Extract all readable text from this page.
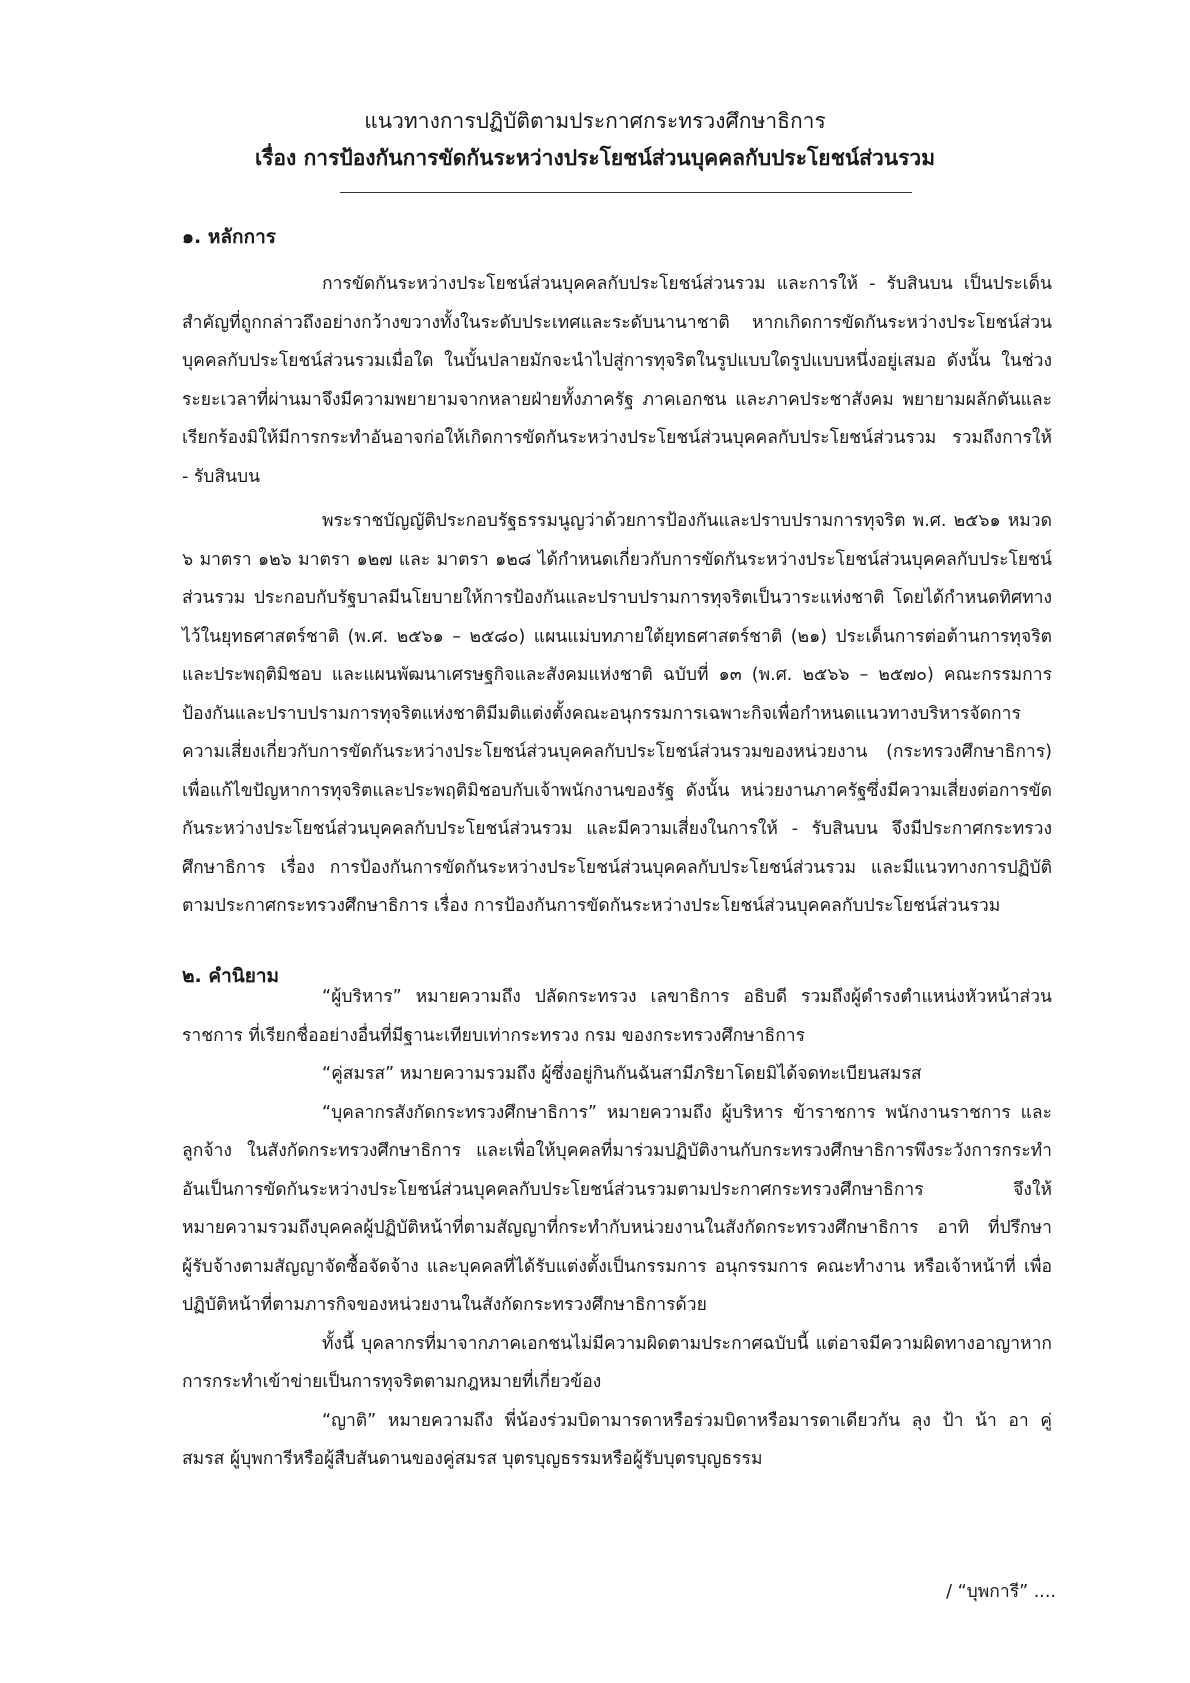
แนวทางการปฏิบัติตามประกาศกระทรวงศึกษาธิการ
เรื่อง การป้องกันการขัดกันระหว่างประโยชน์ส่วนบุคคลกับประโยชน์ส่วนรวม
๑. หลักการ

การขัดกันระหว่างประโยชน์ส่วนบุคคลกับประโยชน์ส่วนรวม และการให้ - รับสินบน เป็นประเด็นสำคัญที่ถูกกล่าวถึงอย่างกว้างขวางทั้งในระดับประเทศและระดับนานาชาติ หากเกิดการขัดกันระหว่างประโยชน์ส่วนบุคคลกับประโยชน์ส่วนรวมเมื่อใด ในบั้นปลายมักจะนำไปสู่การทุจริตในรูปแบบใดรูปแบบหนึ่งอยู่เสมอ ดังนั้น ในช่วงระยะเวลาที่ผ่านมาจึงมีความพยายามจากหลายฝ่ายทั้งภาครัฐ ภาคเอกชน และภาคประชาสังคม พยายามผลักดันและเรียกร้องมิให้มีการกระทำอันอาจก่อให้เกิดการขัดกันระหว่างประโยชน์ส่วนบุคคลกับประโยชน์ส่วนรวม รวมถึงการให้ - รับสินบน

พระราชบัญญัติประกอบรัฐธรรมนูญว่าด้วยการป้องกันและปราบปรามการทุจริต พ.ศ. ๒๕๖๑ หมวด ๖ มาตรา ๑๒๖ มาตรา ๑๒๗ และ มาตรา ๑๒๘ ได้กำหนดเกี่ยวกับการขัดกันระหว่างประโยชน์ส่วนบุคคลกับประโยชน์ส่วนรวม ประกอบกับรัฐบาลมีนโยบายให้การป้องกันและปราบปรามการทุจริตเป็นวาระแห่งชาติ โดยได้กำหนดทิศทางไว้ในยุทธศาสตร์ชาติ (พ.ศ. ๒๕๖๑ – ๒๕๘๐) แผนแม่บทภายใต้ยุทธศาสตร์ชาติ (๒๑) ประเด็นการต่อต้านการทุจริตและประพฤติมิชอบ และแผนพัฒนาเศรษฐกิจและสังคมแห่งชาติ ฉบับที่ ๑๓ (พ.ศ. ๒๕๖๖ – ๒๕๗๐) คณะกรรมการป้องกันและปราบปรามการทุจริตแห่งชาติมีมติแต่งตั้งคณะอนุกรรมการเฉพาะกิจเพื่อกำหนดแนวทางบริหารจัดการความเสี่ยงเกี่ยวกับการขัดกันระหว่างประโยชน์ส่วนบุคคลกับประโยชน์ส่วนรวมของหน่วยงาน (กระทรวงศึกษาธิการ) เพื่อแก้ไขปัญหาการทุจริตและประพฤติมิชอบกับเจ้าพนักงานของรัฐ ดังนั้น หน่วยงานภาครัฐซึ่งมีความเสี่ยงต่อการขัดกันระหว่างประโยชน์ส่วนบุคคลกับประโยชน์ส่วนรวม และมีความเสี่ยงในการให้ - รับสินบน จึงมีประกาศกระทรวงศึกษาธิการ เรื่อง การป้องกันการขัดกันระหว่างประโยชน์ส่วนบุคคลกับประโยชน์ส่วนรวม และมีแนวทางการปฏิบัติตามประกาศกระทรวงศึกษาธิการ เรื่อง การป้องกันการขัดกันระหว่างประโยชน์ส่วนบุคคลกับประโยชน์ส่วนรวม

๒. คำนิยาม

“ผู้บริหาร” หมายความถึง ปลัดกระทรวง เลขาธิการ อธิบดี รวมถึงผู้ดำรงตำแหน่งหัวหน้าส่วนราชการ ที่เรียกชื่ออย่างอื่นที่มีฐานะเทียบเท่ากระทรวง กรม ของกระทรวงศึกษาธิการ

“คู่สมรส” หมายความรวมถึง ผู้ซึ่งอยู่กินกันฉันสามีภริยาโดยมิได้จดทะเบียนสมรส

“บุคลากรสังกัดกระทรวงศึกษาธิการ” หมายความถึง ผู้บริหาร ข้าราชการ พนักงานราชการ และลูกจ้าง ในสังกัดกระทรวงศึกษาธิการ และเพื่อให้บุคคลที่มาร่วมปฏิบัติงานกับกระทรวงศึกษาธิการพึงระวังการกระทำอันเป็นการขัดกันระหว่างประโยชน์ส่วนบุคคลกับประโยชน์ส่วนรวมตามประกาศกระทรวงศึกษาธิการ จึงให้หมายความรวมถึงบุคคลผู้ปฏิบัติหน้าที่ตามสัญญาที่กระทำกับหน่วยงานในสังกัดกระทรวงศึกษาธิการ อาทิ ที่ปรึกษา ผู้รับจ้างตามสัญญาจัดซื้อจัดจ้าง และบุคคลที่ได้รับแต่งตั้งเป็นกรรมการ อนุกรรมการ คณะทำงาน หรือเจ้าหน้าที่ เพื่อปฏิบัติหน้าที่ตามภารกิจของหน่วยงานในสังกัดกระทรวงศึกษาธิการด้วย

ทั้งนี้ บุคลากรที่มาจากภาคเอกชนไม่มีความผิดตามประกาศฉบับนี้ แต่อาจมีความผิดทางอาญาหากการกระทำเข้าข่ายเป็นการทุจริตตามกฎหมายที่เกี่ยวข้อง

“ญาติ” หมายความถึง พี่น้องร่วมบิดามารดาหรือร่วมบิดาหรือมารดาเดียวกัน ลุง ป้า น้า อา คู่สมรส ผู้บุพการีหรือผู้สืบสันดานของคู่สมรส บุตรบุญธรรมหรือผู้รับบุตรบุญธรรม

/ “บุพการี” ....
